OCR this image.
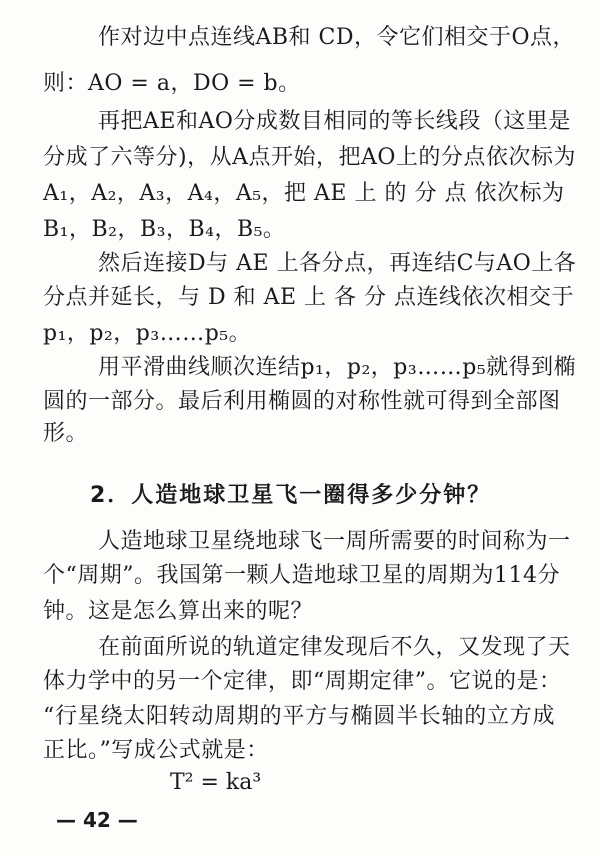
作对边中点连线AB和 CD，令它们相交于O点，
则：AO = a，DO = b。
再把AE和AO分成数目相同的等长线段（这里是
分成了六等分)，从A点开始，把AO上的分点依次标为
A₁，A₂，A₃，A₄，A₅，把 AE 上 的 分 点 依次标为
B₁，B₂，B₃，B₄，B₅。
然后连接D与 AE 上各分点，再连结C与AO上各
分点并延长，与 D 和 AE 上 各 分 点连线依次相交于
p₁，p₂，p₃……p₅。
用平滑曲线顺次连结p₁，p₂，p₃……p₅就得到椭
圆的一部分。最后利用椭圆的对称性就可得到全部图
形。
2．人造地球卫星飞一圈得多少分钟？
人造地球卫星绕地球飞一周所需要的时间称为一
个“周期”。我国第一颗人造地球卫星的周期为114分
钟。这是怎么算出来的呢？
在前面所说的轨道定律发现后不久，又发现了天
体力学中的另一个定律，即“周期定律”。它说的是：
“行星绕太阳转动周期的平方与椭圆半长轴的立方成
正比。”写成公式就是：
T² = ka³
— 42 —
